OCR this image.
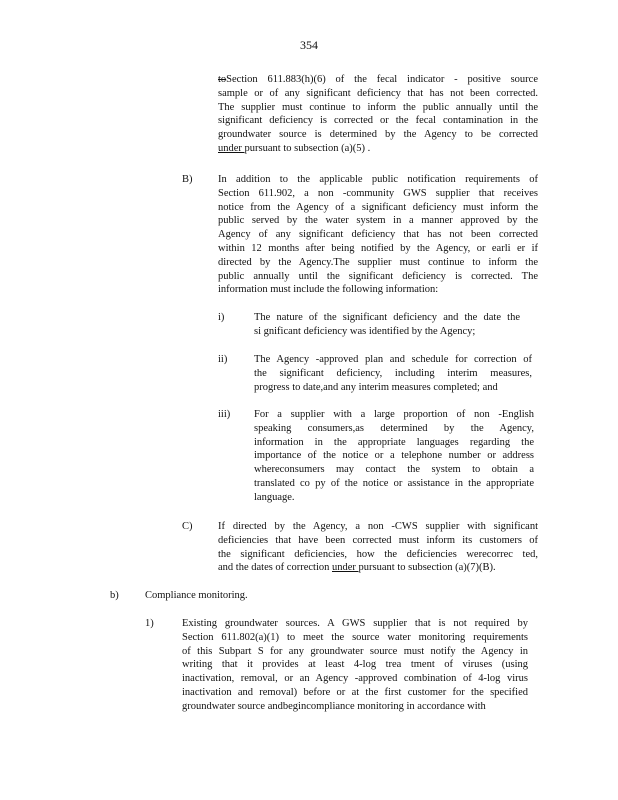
354
toSection 611.883(h)(6) of the fecal indicator - positive source
sample or of any significant deficiency that has not been corrected.
The supplier must continue to inform the public annually until the
significant deficiency is corrected or the fecal contamination in the
groundwater source is determined by the Agency to be corrected
under pursuant to subsection (a)(5) .
B) In addition to the applicable public notification requirements of
Section 611.902, a non -community GWS supplier that receives
notice from the Agency of a significant deficiency must inform the
public served by the water system in a manner approved by the
Agency of any significant deficiency that has not been corrected
within 12 months after being notified by the Agency, or earli er if
directed by the Agency.The supplier must continue to inform the
public annually until the significant deficiency is corrected. The
information must include the following information:
i)	The nature of the significant deficiency and the date the
si gnificant deficiency was identified by the Agency;
ii)	The Agency -approved plan and schedule for correction of
the significant deficiency, including interim measures,
progress to date,and any interim measures completed; and
iii) For a supplier with a large proportion of non -English
speaking consumers,as determined by the Agency,
information in the appropriate languages regarding the
importance of the notice or a telephone number or address
whereconsumers may contact the system to obtain a
translated co py of the notice or assistance in the appropriate
language.
C) If directed by the Agency, a non -CWS supplier with significant
deficiencies that have been corrected must inform its customers of
the significant deficiencies, how the deficiencies werecorrec ted,
and the dates of correction under pursuant to subsection (a)(7)(B).
b)	Compliance monitoring.
1)	Existing groundwater sources. A GWS supplier that is not required by
Section 611.802(a)(1) to meet the source water monitoring requirements
of this Subpart S for any groundwater source must notify the Agency in
writing that it provides at least 4-log trea tment of viruses (using
inactivation, removal, or an Agency -approved combination of 4-log virus
inactivation and removal) before or at the first customer for the specified
groundwater source andbegincompliance monitoring in accordance with
